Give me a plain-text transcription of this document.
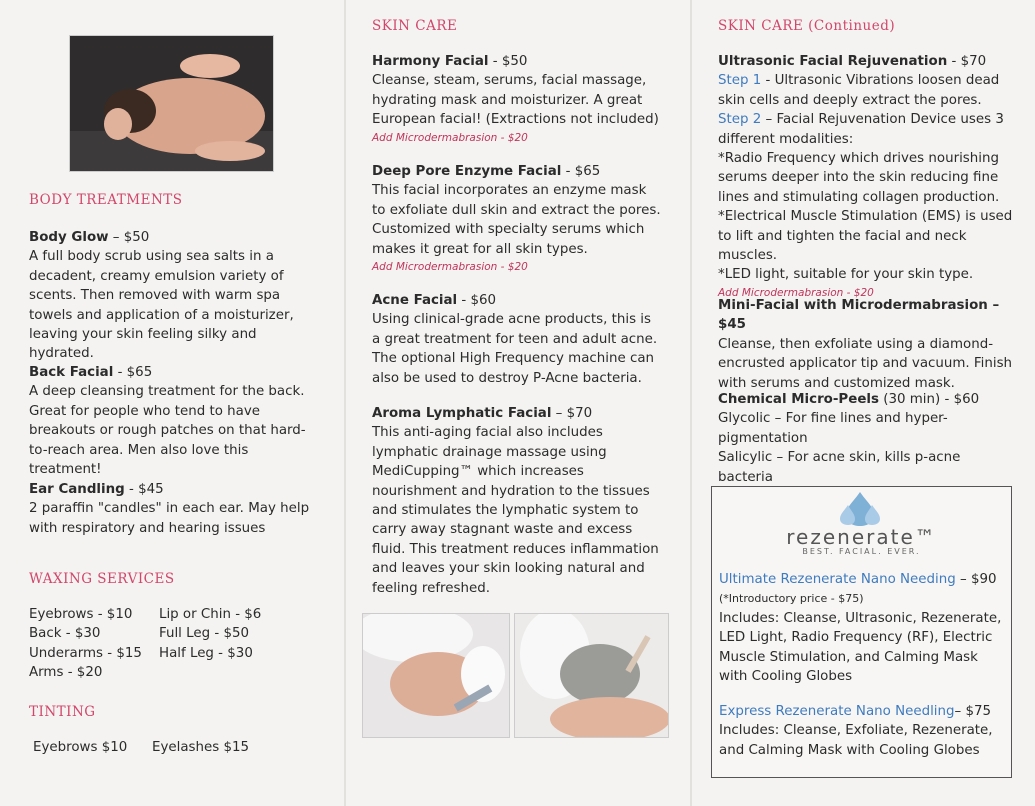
BODY TREATMENTS
Body Glow – $50
A full body scrub using sea salts in a decadent, creamy emulsion variety of scents. Then removed with warm spa towels and application of a moisturizer, leaving your skin feeling silky and hydrated.
Back Facial - $65
A deep cleansing treatment for the back. Great for people who tend to have breakouts or rough patches on that hard-to-reach area. Men also love this treatment!
Ear Candling - $45
2 paraffin "candles" in each ear. May help with respiratory and hearing issues
WAXING SERVICES
Eyebrows - $10	Lip or Chin - $6
Back - $30	Full Leg - $50
Underarms - $15	Half Leg - $30
Arms - $20
TINTING
Eyebrows $10 Eyelashes $15
SKIN CARE
Harmony Facial - $50
Cleanse, steam, serums, facial massage, hydrating mask and moisturizer. A great European facial! (Extractions not included)
Add Microdermabrasion - $20
Deep Pore Enzyme Facial - $65
This facial incorporates an enzyme mask to exfoliate dull skin and extract the pores. Customized with specialty serums which makes it great for all skin types.
Add Microdermabrasion - $20
Acne Facial - $60
Using clinical-grade acne products, this is a great treatment for teen and adult acne. The optional High Frequency machine can also be used to destroy P-Acne bacteria.
Aroma Lymphatic Facial – $70
This anti-aging facial also includes lymphatic drainage massage using MediCupping™ which increases nourishment and hydration to the tissues and stimulates the lymphatic system to carry away stagnant waste and excess fluid. This treatment reduces inflammation and leaves your skin looking natural and feeling refreshed.
SKIN CARE (Continued)
Ultrasonic Facial Rejuvenation - $70
Step 1 - Ultrasonic Vibrations loosen dead skin cells and deeply extract the pores.
Step 2 – Facial Rejuvenation Device uses 3 different modalities:
*Radio Frequency which drives nourishing serums deeper into the skin reducing fine lines and stimulating collagen production.
*Electrical Muscle Stimulation (EMS) is used to lift and tighten the facial and neck muscles.
*LED light, suitable for your skin type.
Add Microdermabrasion - $20
Mini-Facial with Microdermabrasion – $45
Cleanse, then exfoliate using a diamond-encrusted applicator tip and vacuum. Finish with serums and customized mask.
Chemical Micro-Peels (30 min) - $60
Glycolic – For fine lines and hyper-pigmentation
Salicylic – For acne skin, kills p-acne bacteria
rezenerate™
BEST. FACIAL. EVER.
Ultimate Rezenerate Nano Needing – $90
(*Introductory price - $75)
Includes: Cleanse, Ultrasonic, Rezenerate, LED Light, Radio Frequency (RF), Electric Muscle Stimulation, and Calming Mask with Cooling Globes
Express Rezenerate Nano Needling– $75
Includes: Cleanse, Exfoliate, Rezenerate, and Calming Mask with Cooling Globes
